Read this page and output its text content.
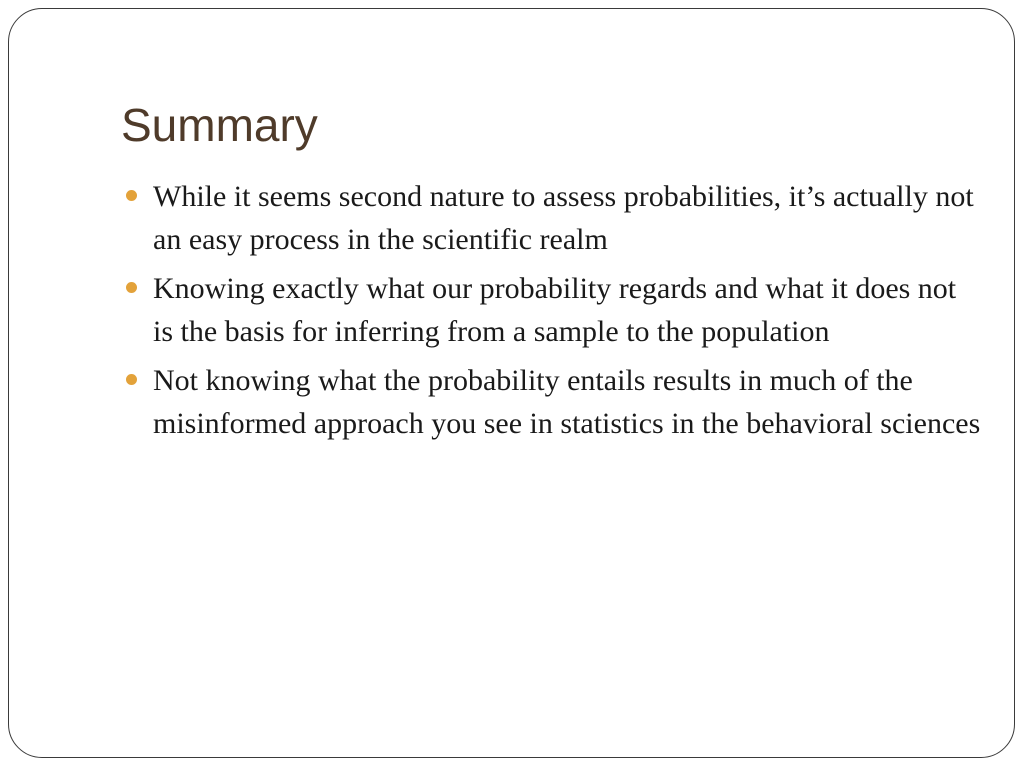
Summary
While it seems second nature to assess probabilities, it’s actually not an easy process in the scientific realm
Knowing exactly what our probability regards and what it does not is the basis for inferring from a sample to the population
Not knowing what the probability entails results in much of the misinformed approach you see in statistics in the behavioral sciences
